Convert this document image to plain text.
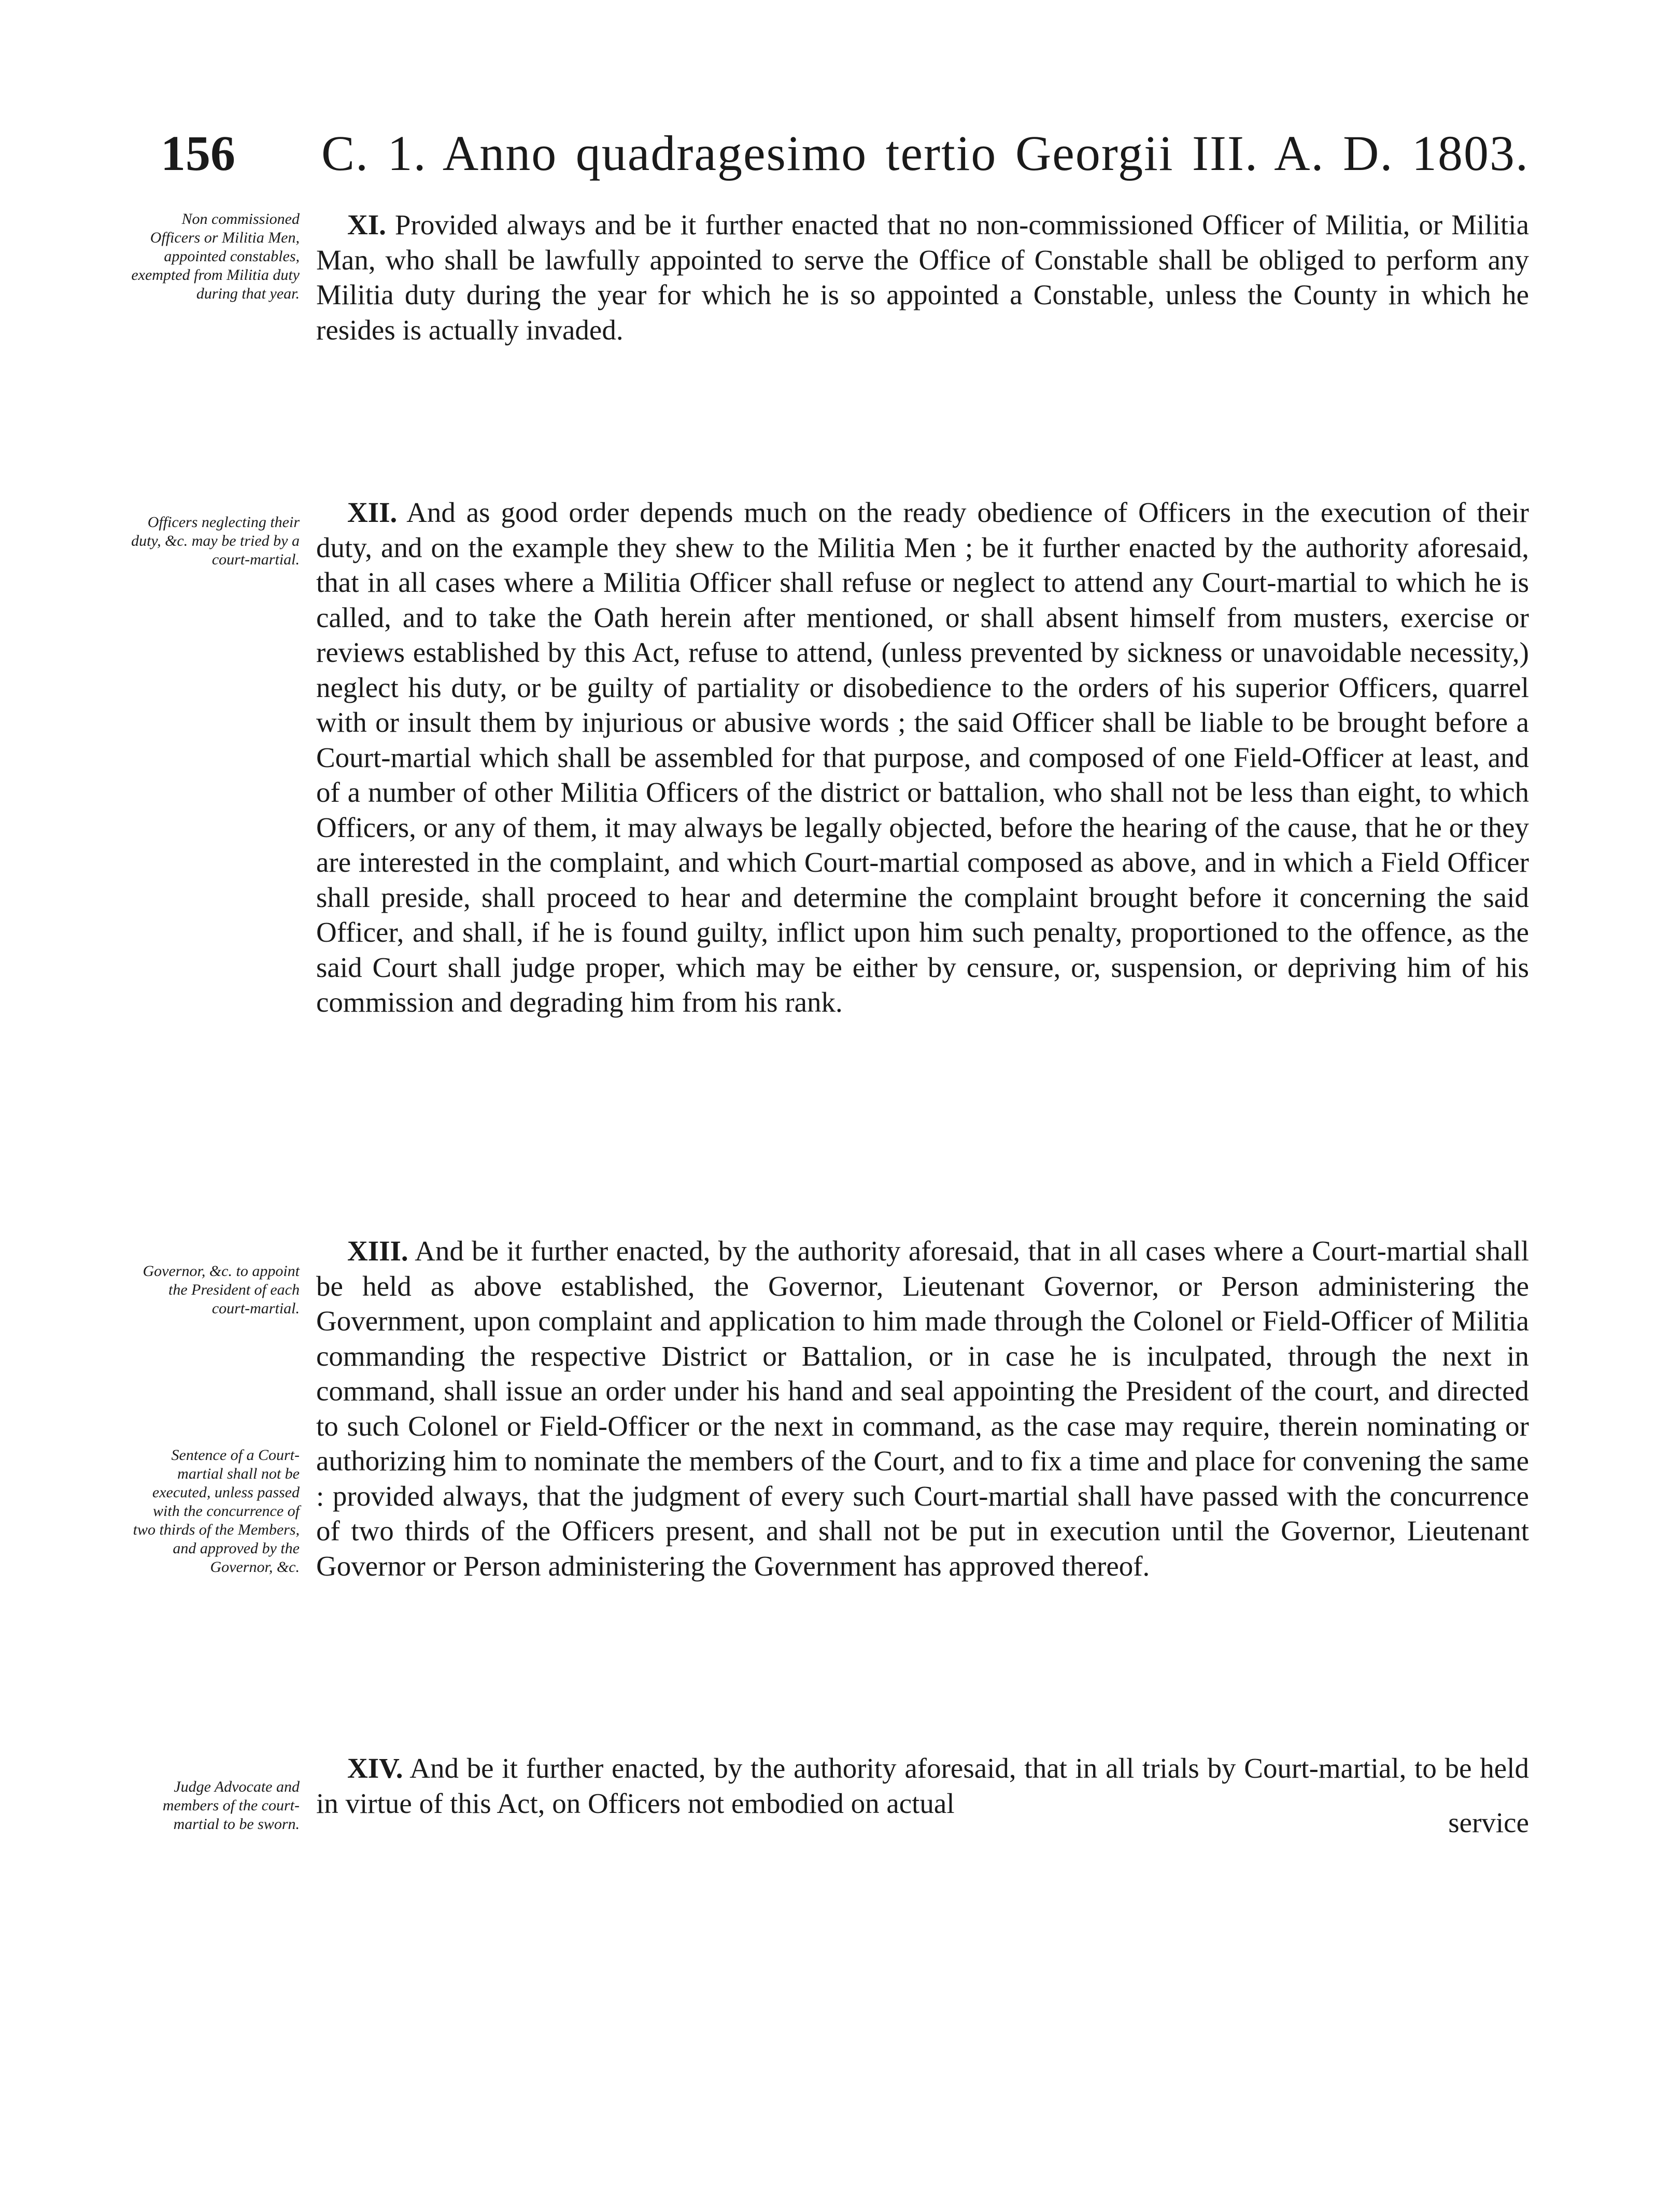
156 C. 1. Anno quadragesimo tertio Georgii III. A. D. 1803.
Non commissioned Officers or Militia Men, appointed constables, exempted from Militia duty during that year.
XI. Provided always and be it further enacted that no non-commissioned Officer of Militia, or Militia Man, who shall be lawfully appointed to serve the Office of Constable shall be obliged to perform any Militia duty during the year for which he is so appointed a Constable, unless the County in which he resides is actually invaded.
Officers neglecting their duty, &c. may be tried by a court-martial.
XII. And as good order depends much on the ready obedience of Officers in the execution of their duty, and on the example they shew to the Militia Men ; be it further enacted by the authority aforesaid, that in all cases where a Militia Officer shall refuse or neglect to attend any Court-martial to which he is called, and to take the Oath herein after mentioned, or shall absent himself from musters, exercise or reviews established by this Act, refuse to attend, (unless prevented by sickness or unavoidable necessity,) neglect his duty, or be guilty of partiality or disobedience to the orders of his superior Officers, quarrel with or insult them by injurious or abusive words ; the said Officer shall be liable to be brought before a Court-martial which shall be assembled for that purpose, and composed of one Field-Officer at least, and of a number of other Militia Officers of the district or battalion, who shall not be less than eight, to which Officers, or any of them, it may always be legally objected, before the hearing of the cause, that he or they are interested in the complaint, and which Court-martial composed as above, and in which a Field Officer shall preside, shall proceed to hear and determine the complaint brought before it concerning the said Officer, and shall, if he is found guilty, inflict upon him such penalty, proportioned to the offence, as the said Court shall judge proper, which may be either by censure, or, suspension, or depriving him of his commission and degrading him from his rank.
Governor, &c. to appoint the President of each court-martial.
Sentence of a Court-martial shall not be executed, unless passed with the concurrence of two thirds of the Members, and approved by the Governor, &c.
XIII. And be it further enacted, by the authority aforesaid, that in all cases where a Court-martial shall be held as above established, the Governor, Lieutenant Governor, or Person administering the Government, upon complaint and application to him made through the Colonel or Field-Officer of Militia commanding the respective District or Battalion, or in case he is inculpated, through the next in command, shall issue an order under his hand and seal appointing the President of the court, and directed to such Colonel or Field-Officer or the next in command, as the case may require, therein nominating or authorizing him to nominate the members of the Court, and to fix a time and place for convening the same : provided always, that the judgment of every such Court-martial shall have passed with the concurrence of two thirds of the Officers present, and shall not be put in execution until the Governor, Lieutenant Governor or Person administering the Government has approved thereof.
Judge Advocate and members of the court-martial to be sworn.
XIV. And be it further enacted, by the authority aforesaid, that in all trials by Court-martial, to be held in virtue of this Act, on Officers not embodied on actual
service
